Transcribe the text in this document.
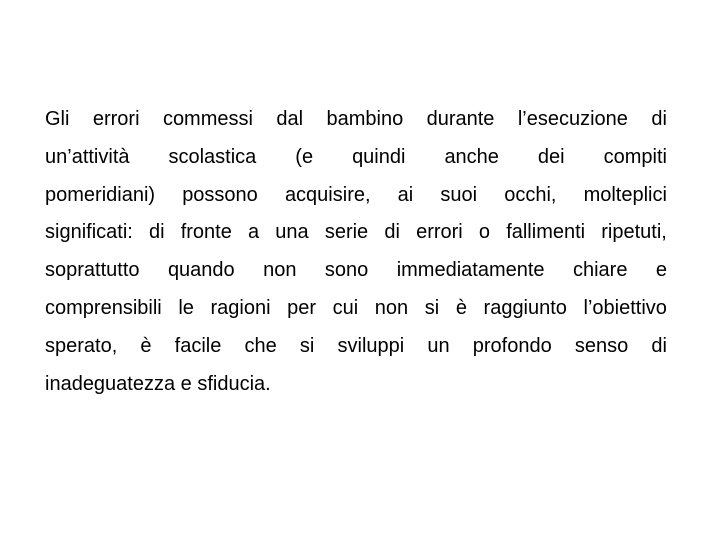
Gli errori commessi dal bambino durante l’esecuzione di
un’attività scolastica (e quindi anche dei compiti
pomeridiani) possono acquisire, ai suoi occhi, molteplici
significati: di fronte a una serie di errori o fallimenti ripetuti,
soprattutto quando non sono immediatamente chiare e
comprensibili le ragioni per cui non si è raggiunto l’obiettivo
sperato, è facile che si sviluppi un profondo senso di
inadeguatezza
e
sfiducia.
